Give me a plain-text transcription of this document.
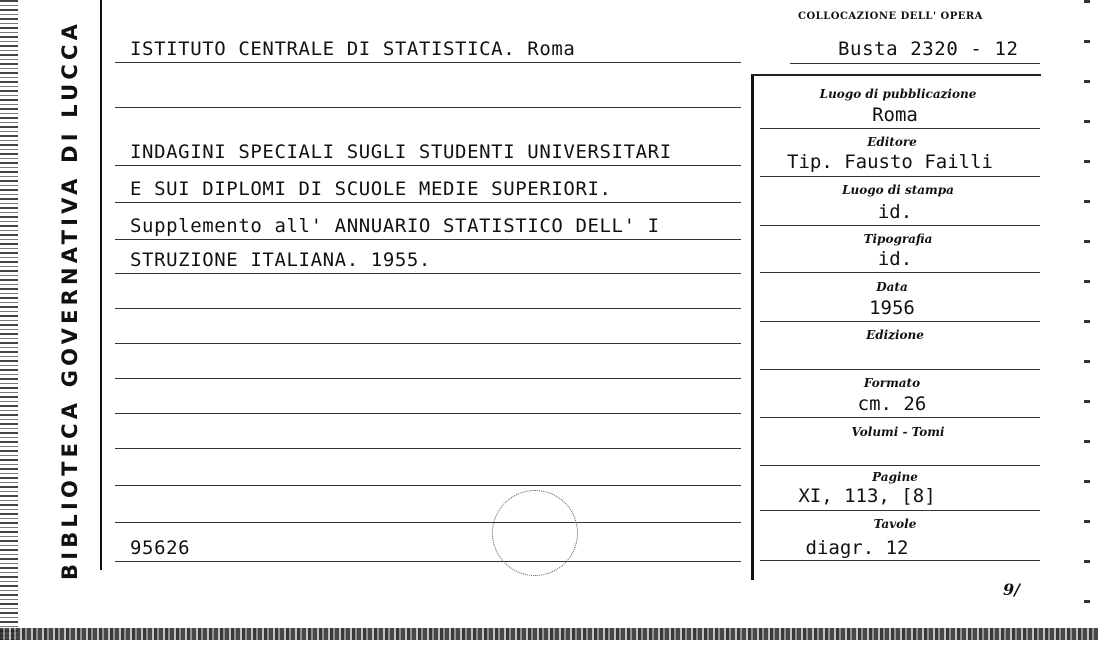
BIBLIOTECA GOVERNATIVA DI LUCCA
COLLOCAZIONE DELL' OPERA
ISTITUTO CENTRALE DI STATISTICA. Roma	Busta 2320 - 12
INDAGINI SPECIALI SUGLI STUDENTI UNIVERSITARI
E SUI DIPLOMI DI SCUOLE MEDIE SUPERIORI.
Supplemento all' ANNUARIO STATISTICO DELL' I
STRUZIONE ITALIANA. 1955.
95626
Luogo di pubblicazione
Roma
Editore
Tip. Fausto Failli
Luogo di stampa
id.
Tipografia
id.
Data
1956
Edizione
Formato
cm. 26
Volumi - Tomi
Pagine
XI, 113, [8]
Tavole
diagr. 12
9/
